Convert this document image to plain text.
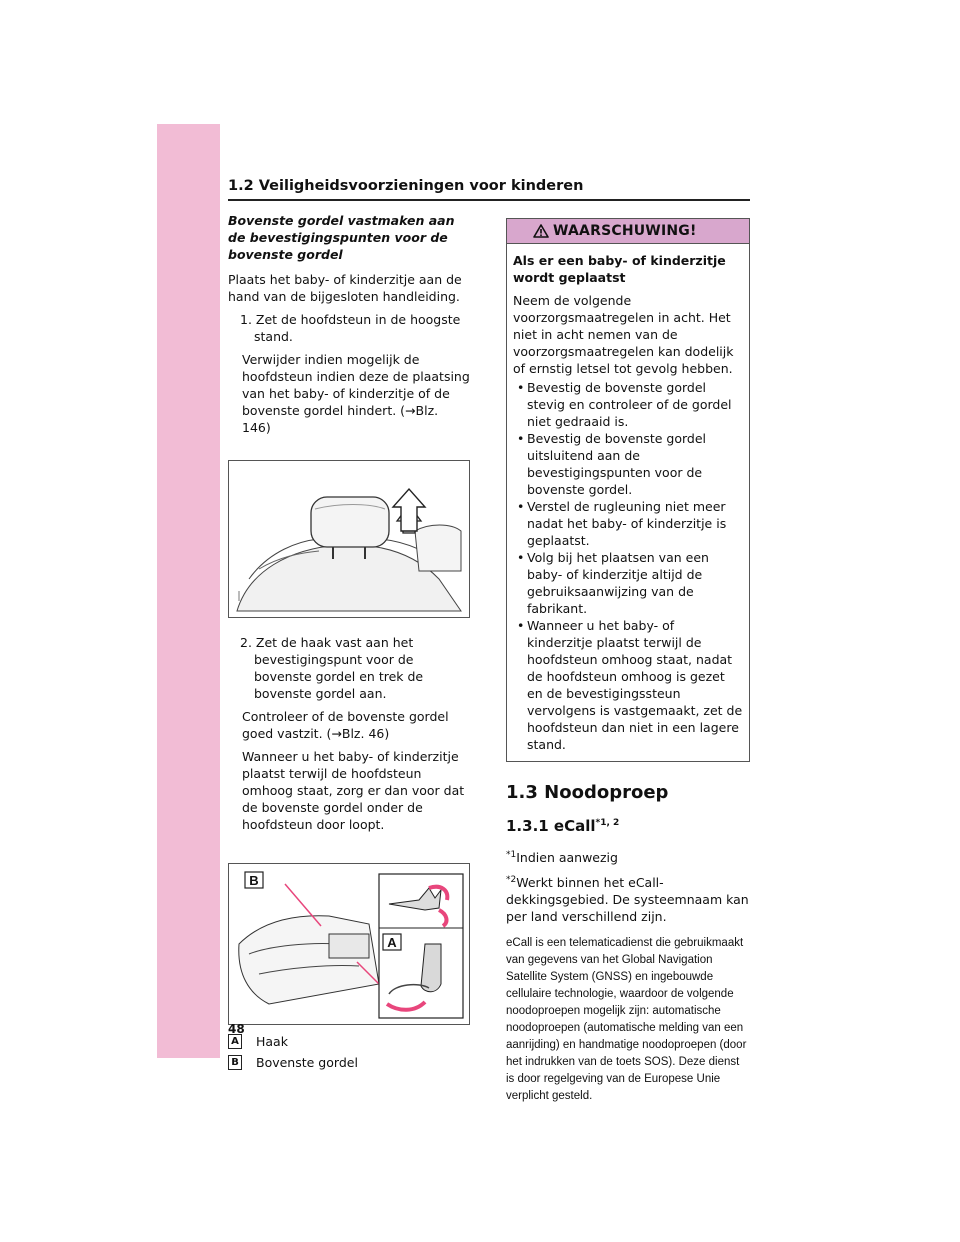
1.2 Veiligheidsvoorzieningen voor kinderen

Bovenste gordel vastmaken aan de bevestigingspunten voor de bovenste gordel

Plaats het baby- of kinderzitje aan de hand van de bijgesloten handleiding.

1. Zet de hoofdsteun in de hoogste stand.

Verwijder indien mogelijk de hoofdsteun indien deze de plaatsing van het baby- of kinderzitje of de bovenste gordel hindert. (→Blz. 146)

2. Zet de haak vast aan het bevestigingspunt voor de bovenste gordel en trek de bovenste gordel aan.

Controleer of de bovenste gordel goed vastzit. (→Blz. 46)

Wanneer u het baby- of kinderzitje plaatst terwijl de hoofdsteun omhoog staat, zorg er dan voor dat de bovenste gordel onder de hoofdsteun door loopt.

B
A
A Haak
B Bovenste gordel
WAARSCHUWING!

Als er een baby- of kinderzitje wordt geplaatst

Neem de volgende voorzorgsmaatregelen in acht. Het niet in acht nemen van de voorzorgsmaatregelen kan dodelijk of ernstig letsel tot gevolg hebben.

• Bevestig de bovenste gordel stevig en controleer of de gordel niet gedraaid is.

• Bevestig de bovenste gordel uitsluitend aan de bevestigingspunten voor de bovenste gordel.

• Verstel de rugleuning niet meer nadat het baby- of kinderzitje is geplaatst.

• Volg bij het plaatsen van een baby- of kinderzitje altijd de gebruiksaanwijzing van de fabrikant.

• Wanneer u het baby- of kinderzitje plaatst terwijl de hoofdsteun omhoog staat, nadat de hoofdsteun omhoog is gezet en de bevestigingssteun vervolgens is vastgemaakt, zet de hoofdsteun dan niet in een lagere stand.

1.3 Noodoproep
1.3.1 eCall$^{*1, 2}$

$^{*1}$Indien aanwezig

$^{*2}$Werkt binnen het eCall-dekkingsgebied. De systeemnaam kan per land verschillend zijn.

eCall is een telematicadienst die gebruikmaakt van gegevens van het Global Navigation Satellite System (GNSS) en ingebouwde cellulaire technologie, waardoor de volgende noodoproepen mogelijk zijn: automatische noodoproepen (automatische melding van een aanrijding) en handmatige noodoproepen (door het indrukken van de toets SOS). Deze dienst is door regelgeving van de Europese Unie verplicht gesteld.

48
